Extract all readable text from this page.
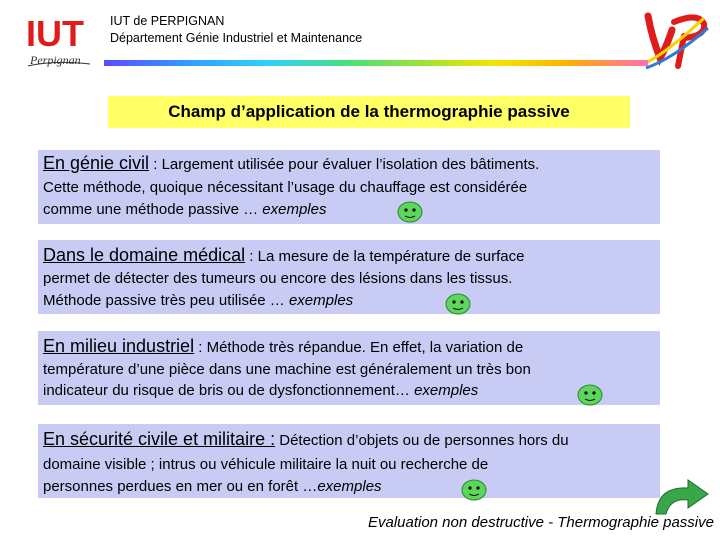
IUT
Perpignan
IUT de PERPIGNAN
Département Génie Industriel et Maintenance
UP
Champ d’application de la thermographie passive
En génie civil : Largement utilisée pour évaluer l’isolation des bâtiments.
Cette méthode, quoique nécessitant l’usage du chauffage est considérée
comme une méthode passive … exemples
Dans le domaine médical : La mesure de la température de surface
permet de détecter des tumeurs ou encore des lésions dans les tissus.
Méthode passive très peu utilisée … exemples
En milieu industriel : Méthode très répandue. En effet, la variation de
température d’une pièce dans une machine est généralement un très bon
indicateur du risque de bris ou de dysfonctionnement… exemples
En sécurité civile et militaire : Détection d’objets ou de personnes hors du
domaine visible ; intrus ou véhicule militaire la nuit ou recherche de
personnes perdues en mer ou en forêt …exemples
Evaluation non destructive - Thermographie passive
